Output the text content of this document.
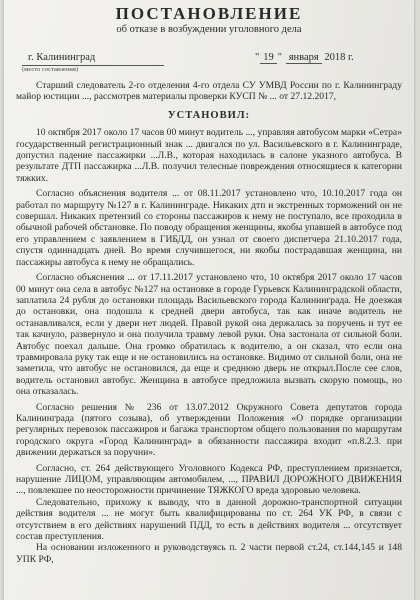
ПОСТАНОВЛЕНИЕ
об отказе в возбуждении уголовного дела
г. Калининград
(место составления)
" 19 " января 2018 г.

Старший следователь 2-го отделения 4-го отдела СУ УМВД России по г. Калининграду майор юстиции ..., рассмотрев материалы проверки КУСП № ... от 27.12.2017,

УСТАНОВИЛ:

10 октября 2017 около 17 часов 00 минут водитель ..., управляя автобусом марки «Сетра» государственный регистрационный знак ... двигался по ул. Васильевского в г. Калининграде, допустил падение пассажирки ...Л.В., которая находилась в салоне указного автобуса. В результате ДТП пассажирка ...Л.В. получил телесные повреждения относящиеся к категории тяжких.

Согласно объяснения водителя ... от 08.11.2017 установлено что, 10.10.2017 года он работал по маршруту №127 в г. Калининграде. Никаких дтп и экстренных торможений он не совершал. Никаких претензий со стороны пассажиров к нему не поступало, все проходила в обычной рабочей обстановке. По поводу обращения женщины, якобы упавшей в автобусе под его управлением с заявлением в ГИБДД, он узнал от своего диспетчера 21.10.2017 года, спустя одиннадцать дней. Во время случившегося, ни якобы пострадавшая женщина, ни пассажиры автобуса к нему не обращались.

Согласно объяснения ... от 17.11.2017 установлено что, 10 октября 2017 около 17 часов 00 минут она села в автобус №127 на остановке в городе Гурьевск Калининградской области, заплатила 24 рубля до остановки площадь Васильевского города Калининграда. Не доезжая до остановки, она подошла к средней двери автобуса, так как иначе водитель не останавливался, если у двери нет людей. Правой рукой она держалась за поручень и тут ее так качнуло, развернуло и она получила травму левой руки. Она застонала от сильной боли. Автобус поехал дальше. Она громко обратилась к водителю, а он сказал, что если она травмировала руку так еще и не остановились на остановке. Видимо от сильной боли, она не заметила, что автобус не остановился, да еще и среднюю дверь не открыл.После сее слов, водитель остановил автобус. Женщина в автобусе предложила вызвать скорую помощь, но она отказалась.

Согласно решения № 236 от 13.07.2012 Окружного Совета депутатов города Калининграда (пятого созыва), об утверждении Положения «О порядке организации регулярных перевозок пассажиров и багажа транспортом общего пользования по маршрутам городского округа «Город Калининград» в обязанности пассажира входит «п.8.2.3. при движении держаться за поручни».

Согласно, ст. 264 действующего Уголовного Кодекса РФ, преступлением признается, нарушение ЛИЦОМ, управляющим автомобилем, ..., ПРАВИЛ ДОРОЖНОГО ДВИЖЕНИЯ ..., повлекшее по неосторожности причинение ТЯЖКОГО вреда здоровью человека.

Следовательно, прихожу к выводу, что в данной дорожно-транспортной ситуации действия водителя ... не могут быть квалифицированы по ст. 264 УК РФ, в связи с отсутствием в его действиях нарушений ПДД, то есть в действиях водителя ... отсутствует состав преступления.

На основании изложенного и руководствуясь п. 2 части первой ст.24, ст.144,145 и 148 УПК РФ,
